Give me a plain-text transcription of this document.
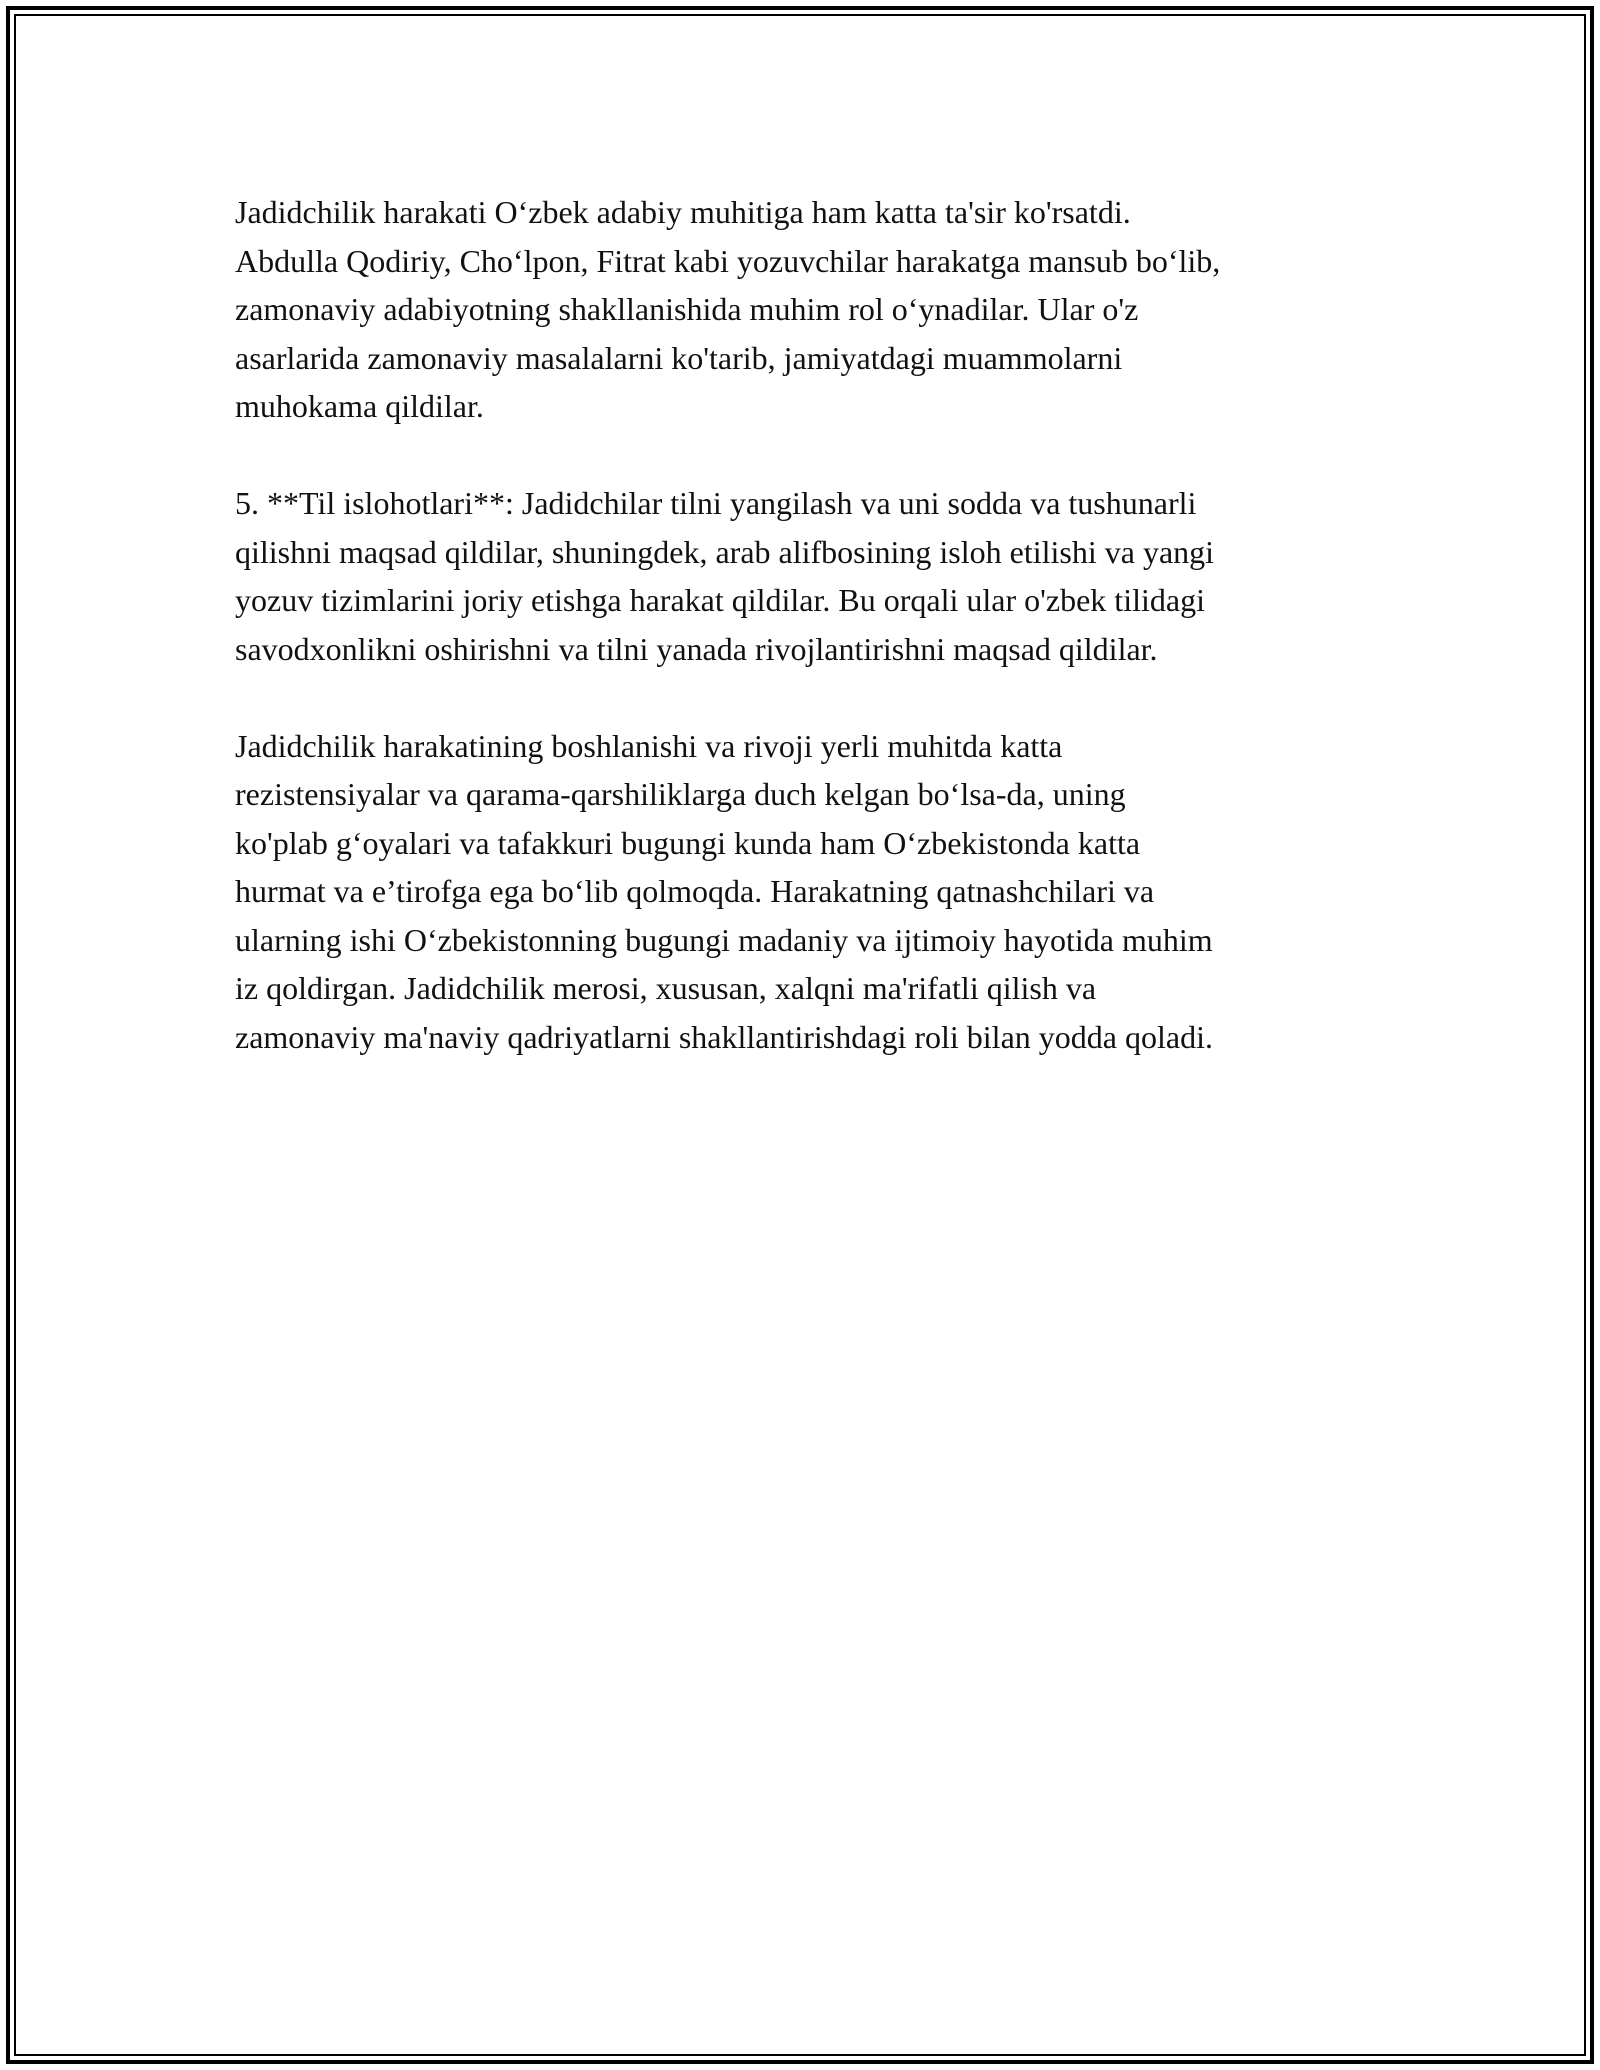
Jadidchilik harakati O‘zbek adabiy muhitiga ham katta ta'sir ko'rsatdi.
Abdulla Qodiriy, Cho‘lpon, Fitrat kabi yozuvchilar harakatga mansub bo‘lib,
zamonaviy adabiyotning shakllanishida muhim rol o‘ynadilar. Ular o'z
asarlarida zamonaviy masalalarni ko'tarib, jamiyatdagi muammolarni
muhokama qildilar.

5. **Til islohotlari**: Jadidchilar tilni yangilash va uni sodda va tushunarli
qilishni maqsad qildilar, shuningdek, arab alifbosining isloh etilishi va yangi
yozuv tizimlarini joriy etishga harakat qildilar. Bu orqali ular o'zbek tilidagi
savodxonlikni oshirishni va tilni yanada rivojlantirishni maqsad qildilar.

Jadidchilik harakatining boshlanishi va rivoji yerli muhitda katta
rezistensiyalar va qarama-qarshiliklarga duch kelgan bo‘lsa-da, uning
ko'plab g‘oyalari va tafakkuri bugungi kunda ham O‘zbekistonda katta
hurmat va e’tirofga ega bo‘lib qolmoqda. Harakatning qatnashchilari va
ularning ishi O‘zbekistonning bugungi madaniy va ijtimoiy hayotida muhim
iz qoldirgan. Jadidchilik merosi, xususan, xalqni ma'rifatli qilish va
zamonaviy ma'naviy qadriyatlarni shakllantirishdagi roli bilan yodda qoladi.
